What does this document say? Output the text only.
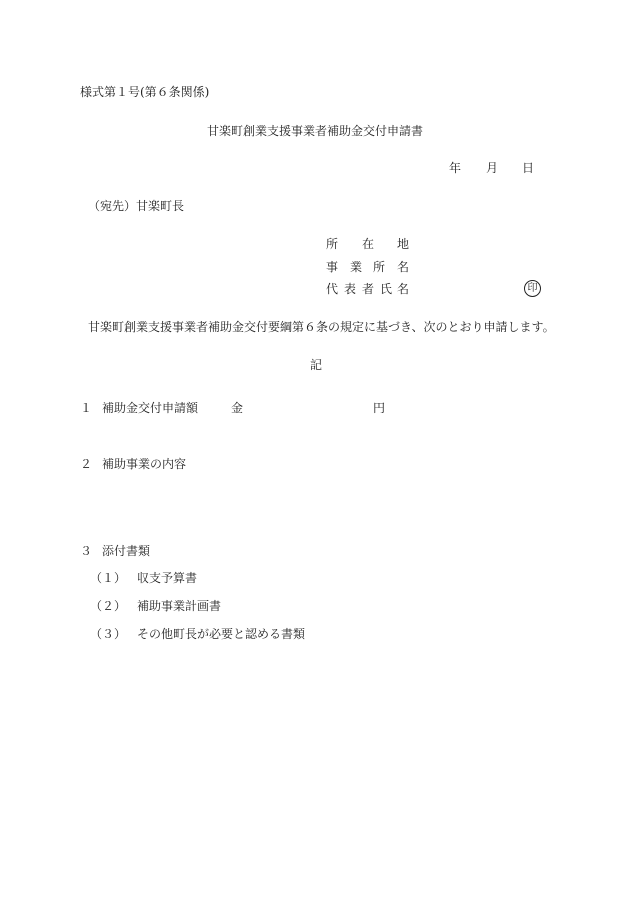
様式第１号(第６条関係)
甘楽町創業支援事業者補助金交付申請書
年 月 日
（宛先）甘楽町長
所 在 地
事 業 所 名
代 表 者 氏 名	印
甘楽町創業支援事業者補助金交付要綱第６条の規定に基づき、次のとおり申請します。
記
１ 補助金交付申請額	金	円
２ 補助事業の内容
３ 添付書類
（１） 収支予算書
（２） 補助事業計画書
（３） その他町長が必要と認める書類
